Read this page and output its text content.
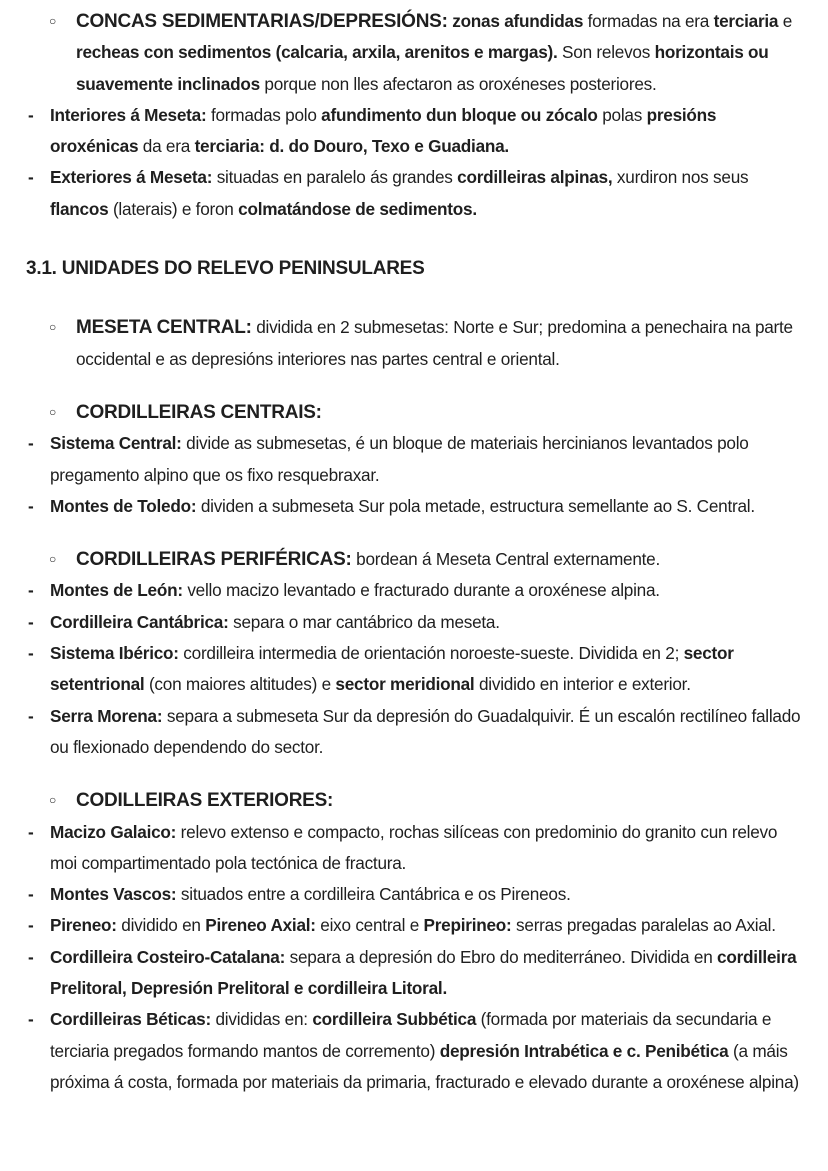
○ CONCAS SEDIMENTARIAS/DEPRESIÓNS: zonas afundidas formadas na era terciaria e recheas con sedimentos (calcaria, arxila, arenitos e margas). Son relevos horizontais ou suavemente inclinados porque non lles afectaron as oroxéneses posteriores.
- Interiores á Meseta: formadas polo afundimento dun bloque ou zócalo polas presións oroxénicas da era terciaria: d. do Douro, Texo e Guadiana.
- Exteriores á Meseta: situadas en paralelo ás grandes cordilleiras alpinas, xurdiron nos seus flancos (laterais) e foron colmatándose de sedimentos.
3.1. UNIDADES DO RELEVO PENINSULARES
○ MESETA CENTRAL: dividida en 2 submesetas: Norte e Sur; predomina a penechaira na parte occidental e as depresións interiores nas partes central e oriental.
○ CORDILLEIRAS CENTRAIS:
- Sistema Central: divide as submesetas, é un bloque de materiais hercinianos levantados polo pregamento alpino que os fixo resquebraxar.
- Montes de Toledo: dividen a submeseta Sur pola metade, estructura semellante ao S. Central.
○ CORDILLEIRAS PERIFÉRICAS: bordean á Meseta Central externamente.
- Montes de León: vello macizo levantado e fracturado durante a oroxénese alpina.
- Cordilleira Cantábrica: separa o mar cantábrico da meseta.
- Sistema Ibérico: cordilleira intermedia de orientación noroeste-sueste. Dividida en 2; sector setentrional (con maiores altitudes) e sector meridional dividido en interior e exterior.
- Serra Morena: separa a submeseta Sur da depresión do Guadalquivir. É un escalón rectilíneo fallado ou flexionado dependendo do sector.
○ CODILLEIRAS EXTERIORES:
- Macizo Galaico: relevo extenso e compacto, rochas silíceas con predominio do granito cun relevo moi compartimentado pola tectónica de fractura.
- Montes Vascos: situados entre a cordilleira Cantábrica e os Pireneos.
- Pireneo: dividido en Pireneo Axial: eixo central e Prepirineo: serras pregadas paralelas ao Axial.
- Cordilleira Costeiro-Catalana: separa a depresión do Ebro do mediterráneo. Dividida en cordilleira Prelitoral, Depresión Prelitoral e cordilleira Litoral.
- Cordilleiras Béticas: divididas en: cordilleira Subbética (formada por materiais da secundaria e terciaria pregados formando mantos de corremento) depresión Intrabética e c. Penibética (a máis próxima á costa, formada por materiais da primaria, fracturado e elevado durante a oroxénese alpina)
